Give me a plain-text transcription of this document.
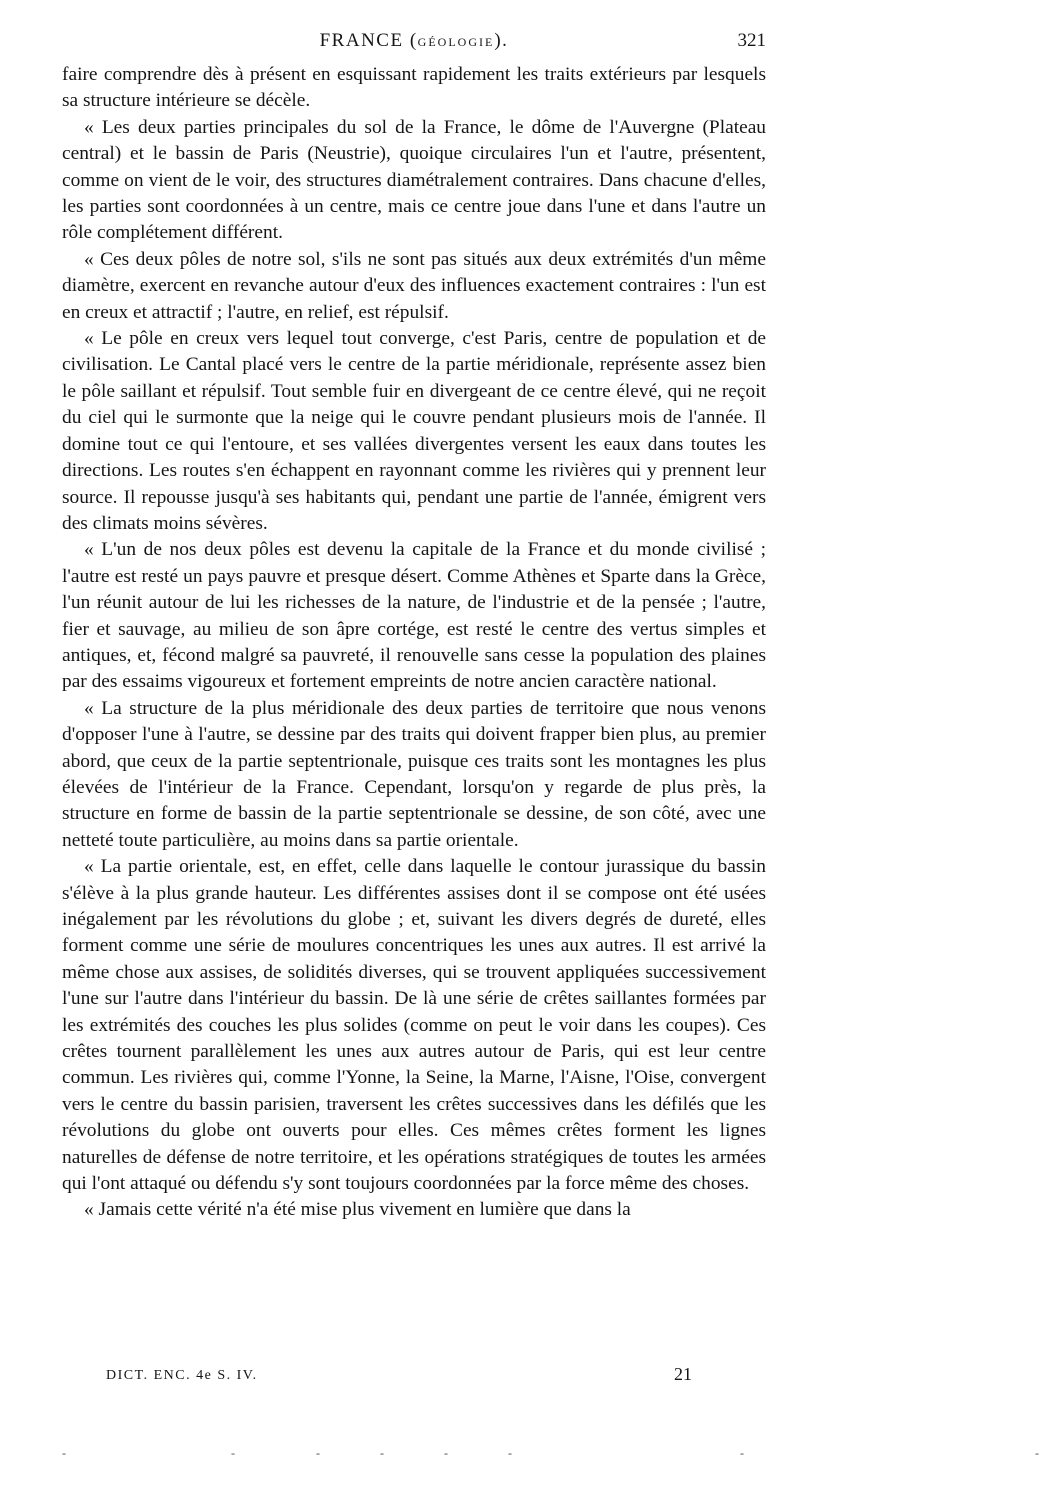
FRANCE (GÉOLOGIE).	321

faire comprendre dès à présent en esquissant rapidement les traits extérieurs par lesquels sa structure intérieure se décèle.

« Les deux parties principales du sol de la France, le dôme de l'Auvergne (Plateau central) et le bassin de Paris (Neustrie), quoique circulaires l'un et l'autre, présentent, comme on vient de le voir, des structures diamétralement contraires. Dans chacune d'elles, les parties sont coordonnées à un centre, mais ce centre joue dans l'une et dans l'autre un rôle complétement différent.

« Ces deux pôles de notre sol, s'ils ne sont pas situés aux deux extrémités d'un même diamètre, exercent en revanche autour d'eux des influences exactement contraires : l'un est en creux et attractif ; l'autre, en relief, est répulsif.

« Le pôle en creux vers lequel tout converge, c'est Paris, centre de population et de civilisation. Le Cantal placé vers le centre de la partie méridionale, représente assez bien le pôle saillant et répulsif. Tout semble fuir en divergeant de ce centre élevé, qui ne reçoit du ciel qui le surmonte que la neige qui le couvre pendant plusieurs mois de l'année. Il domine tout ce qui l'entoure, et ses vallées divergentes versent les eaux dans toutes les directions. Les routes s'en échappent en rayonnant comme les rivières qui y prennent leur source. Il repousse jusqu'à ses habitants qui, pendant une partie de l'année, émigrent vers des climats moins sévères.

« L'un de nos deux pôles est devenu la capitale de la France et du monde civilisé ; l'autre est resté un pays pauvre et presque désert. Comme Athènes et Sparte dans la Grèce, l'un réunit autour de lui les richesses de la nature, de l'industrie et de la pensée ; l'autre, fier et sauvage, au milieu de son âpre cortége, est resté le centre des vertus simples et antiques, et, fécond malgré sa pauvreté, il renouvelle sans cesse la population des plaines par des essaims vigoureux et fortement empreints de notre ancien caractère national.

« La structure de la plus méridionale des deux parties de territoire que nous venons d'opposer l'une à l'autre, se dessine par des traits qui doivent frapper bien plus, au premier abord, que ceux de la partie septentrionale, puisque ces traits sont les montagnes les plus élevées de l'intérieur de la France. Cependant, lorsqu'on y regarde de plus près, la structure en forme de bassin de la partie septentrionale se dessine, de son côté, avec une netteté toute particulière, au moins dans sa partie orientale.

« La partie orientale, est, en effet, celle dans laquelle le contour jurassique du bassin s'élève à la plus grande hauteur. Les différentes assises dont il se compose ont été usées inégalement par les révolutions du globe ; et, suivant les divers degrés de dureté, elles forment comme une série de moulures concentriques les unes aux autres. Il est arrivé la même chose aux assises, de solidités diverses, qui se trouvent appliquées successivement l'une sur l'autre dans l'intérieur du bassin. De là une série de crêtes saillantes formées par les extrémités des couches les plus solides (comme on peut le voir dans les coupes). Ces crêtes tournent parallèlement les unes aux autres autour de Paris, qui est leur centre commun. Les rivières qui, comme l'Yonne, la Seine, la Marne, l'Aisne, l'Oise, convergent vers le centre du bassin parisien, traversent les crêtes successives dans les défilés que les révolutions du globe ont ouverts pour elles. Ces mêmes crêtes forment les lignes naturelles de défense de notre territoire, et les opérations stratégiques de toutes les armées qui l'ont attaqué ou défendu s'y sont toujours coordonnées par la force même des choses.

« Jamais cette vérité n'a été mise plus vivement en lumière que dans la

DICT. ENC. 4e S. IV.	21
-       -   -  -  -  -          -             -
